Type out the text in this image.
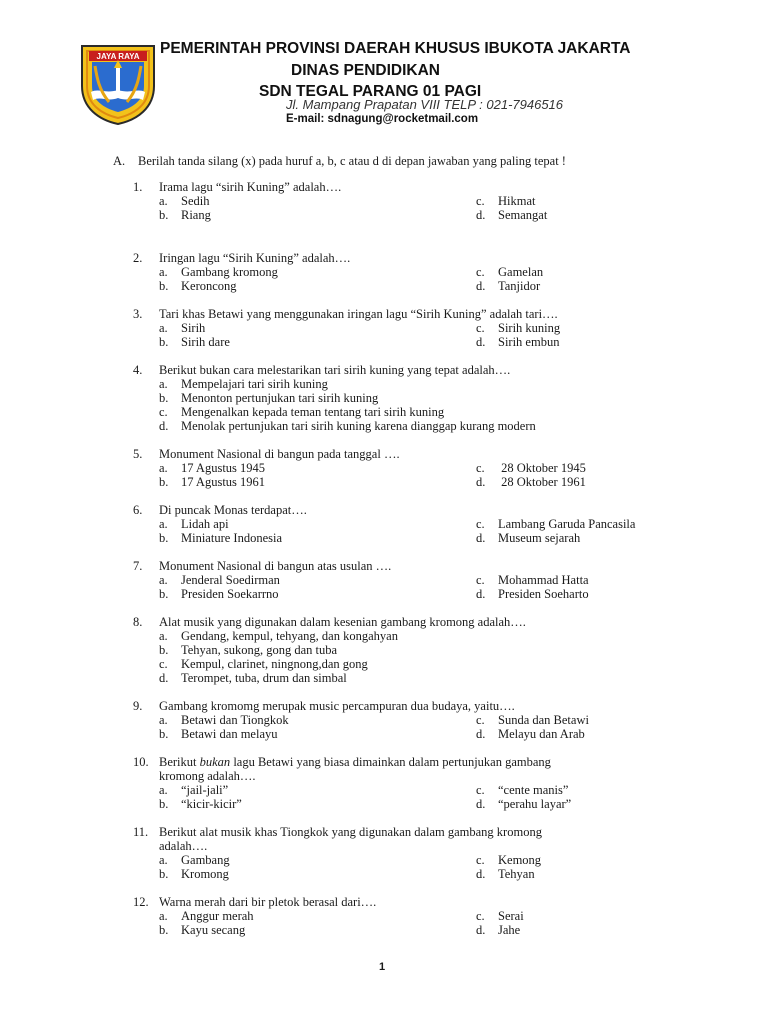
JAYA RAYA PEMERINTAH PROVINSI DAERAH KHUSUS IBUKOTA JAKARTA
DINAS PENDIDIKAN
SDN TEGAL PARANG 01 PAGI
Jl. Mampang Prapatan VIII TELP : 021-7946516
E-mail: sdnagung@rocketmail.com
A. Berilah tanda silang (x) pada huruf a, b, c atau d di depan jawaban yang paling tepat !
1. Irama lagu “sirih Kuning” adalah….
a. Sedih	c. Hikmat
b. Riang	d. Semangat
2. Iringan lagu “Sirih Kuning” adalah….
a. Gambang kromong	c. Gamelan
b. Keroncong	d. Tanjidor
3. Tari khas Betawi yang menggunakan iringan lagu “Sirih Kuning” adalah tari….
a. Sirih	c. Sirih kuning
b. Sirih dare	d. Sirih embun
4. Berikut bukan cara melestarikan tari sirih kuning yang tepat adalah….
a. Mempelajari tari sirih kuning
b. Menonton pertunjukan tari sirih kuning
c. Mengenalkan kepada teman tentang tari sirih kuning
d. Menolak pertunjukan tari sirih kuning karena dianggap kurang modern
5. Monument Nasional di bangun pada tanggal ….
a. 17 Agustus 1945	c. 28 Oktober 1945
b. 17 Agustus 1961	d. 28 Oktober 1961
6. Di puncak Monas terdapat….
a. Lidah api	c. Lambang Garuda Pancasila
b. Miniature Indonesia	d. Museum sejarah
7. Monument Nasional di bangun atas usulan ….
a. Jenderal Soedirman	c. Mohammad Hatta
b. Presiden Soekarrno	d. Presiden Soeharto
8. Alat musik yang digunakan dalam kesenian gambang kromong adalah….
a. Gendang, kempul, tehyang, dan kongahyan
b. Tehyan, sukong, gong dan tuba
c. Kempul, clarinet, ningnong,dan gong
d. Terompet, tuba, drum dan simbal
9. Gambang kromomg merupak music percampuran dua budaya, yaitu….
a. Betawi dan Tiongkok	c. Sunda dan Betawi
b. Betawi dan melayu	d. Melayu dan Arab
10. Berikut bukan lagu Betawi yang biasa dimainkan dalam pertunjukan gambang
kromong adalah….
a. “jail-jali”	c. “cente manis”
b. “kicir-kicir”	d. “perahu layar”
11. Berikut alat musik khas Tiongkok yang digunakan dalam gambang kromong
adalah….
a. Gambang	c. Kemong
b. Kromong	d. Tehyan
12. Warna merah dari bir pletok berasal dari….
a. Anggur merah	c. Serai
b. Kayu secang	d. Jahe
1
